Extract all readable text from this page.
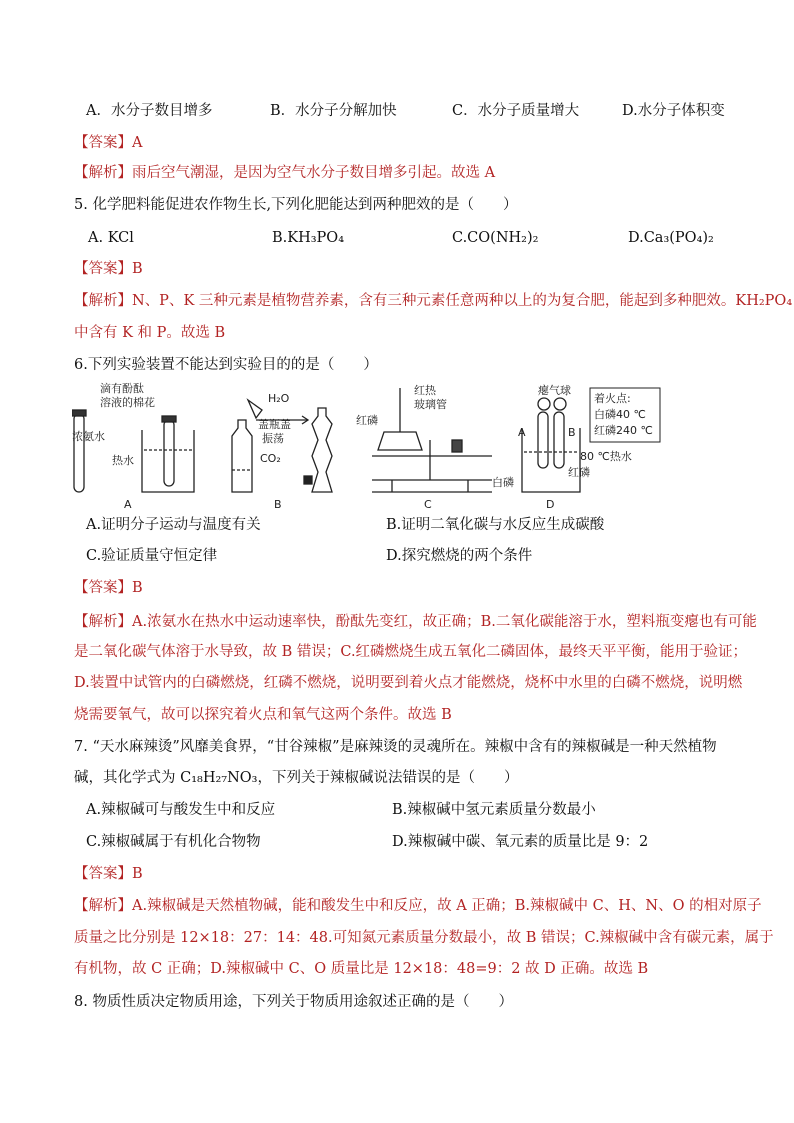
A．水分子数目增多	B．水分子分解加快	C．水分子质量增大	D.水分子体积变
【答案】A
【解析】雨后空气潮湿，是因为空气水分子数目增多引起。故选 A
5. 化学肥料能促进农作物生长,下列化肥能达到两种肥效的是（　　）
A. KCl	B.KH₃PO₄	C.CO(NH₂)₂	D.Ca₃(PO₄)₂
【答案】B
【解析】N、P、K 三种元素是植物营养素，含有三种元素任意两种以上的为复合肥，能起到多种肥效。KH₂PO₄
中含有 K 和 P。故选 B
6.下列实验装置不能达到实验目的的是（　　）
滴有酚酞
溶液的棉花
浓氨水
热水
A
H₂O
盖瓶盖
振荡
CO₂
B
红热
玻璃管
红磷
C
瘪气球
A	B
80 ℃热水
白磷
红磷
D
着火点:
白磷40 ℃
红磷240 ℃
A.证明分子运动与温度有关	B.证明二氧化碳与水反应生成碳酸
C.验证质量守恒定律	D.探究燃烧的两个条件
【答案】B
【解析】A.浓氨水在热水中运动速率快，酚酞先变红，故正确；B.二氧化碳能溶于水，塑料瓶变瘪也有可能
是二氧化碳气体溶于水导致，故 B 错误；C.红磷燃烧生成五氧化二磷固体，最终天平平衡，能用于验证；
D.装置中试管内的白磷燃烧，红磷不燃烧，说明要到着火点才能燃烧，烧杯中水里的白磷不燃烧，说明燃
烧需要氧气，故可以探究着火点和氧气这两个条件。故选 B
7. “天水麻辣烫”风靡美食界，“甘谷辣椒”是麻辣烫的灵魂所在。辣椒中含有的辣椒碱是一种天然植物
碱，其化学式为 C₁₈H₂₇NO₃，下列关于辣椒碱说法错误的是（　　）
A.辣椒碱可与酸发生中和反应	B.辣椒碱中氢元素质量分数最小
C.辣椒碱属于有机化合物物	D.辣椒碱中碳、氧元素的质量比是 9：2
【答案】B
【解析】A.辣椒碱是天然植物碱，能和酸发生中和反应，故 A 正确；B.辣椒碱中 C、H、N、O 的相对原子
质量之比分别是 12×18：27：14：48.可知氮元素质量分数最小，故 B 错误；C.辣椒碱中含有碳元素，属于
有机物，故 C 正确；D.辣椒碱中 C、O 质量比是 12×18：48=9：2 故 D 正确。故选 B
8. 物质性质决定物质用途，下列关于物质用途叙述正确的是（　　）
